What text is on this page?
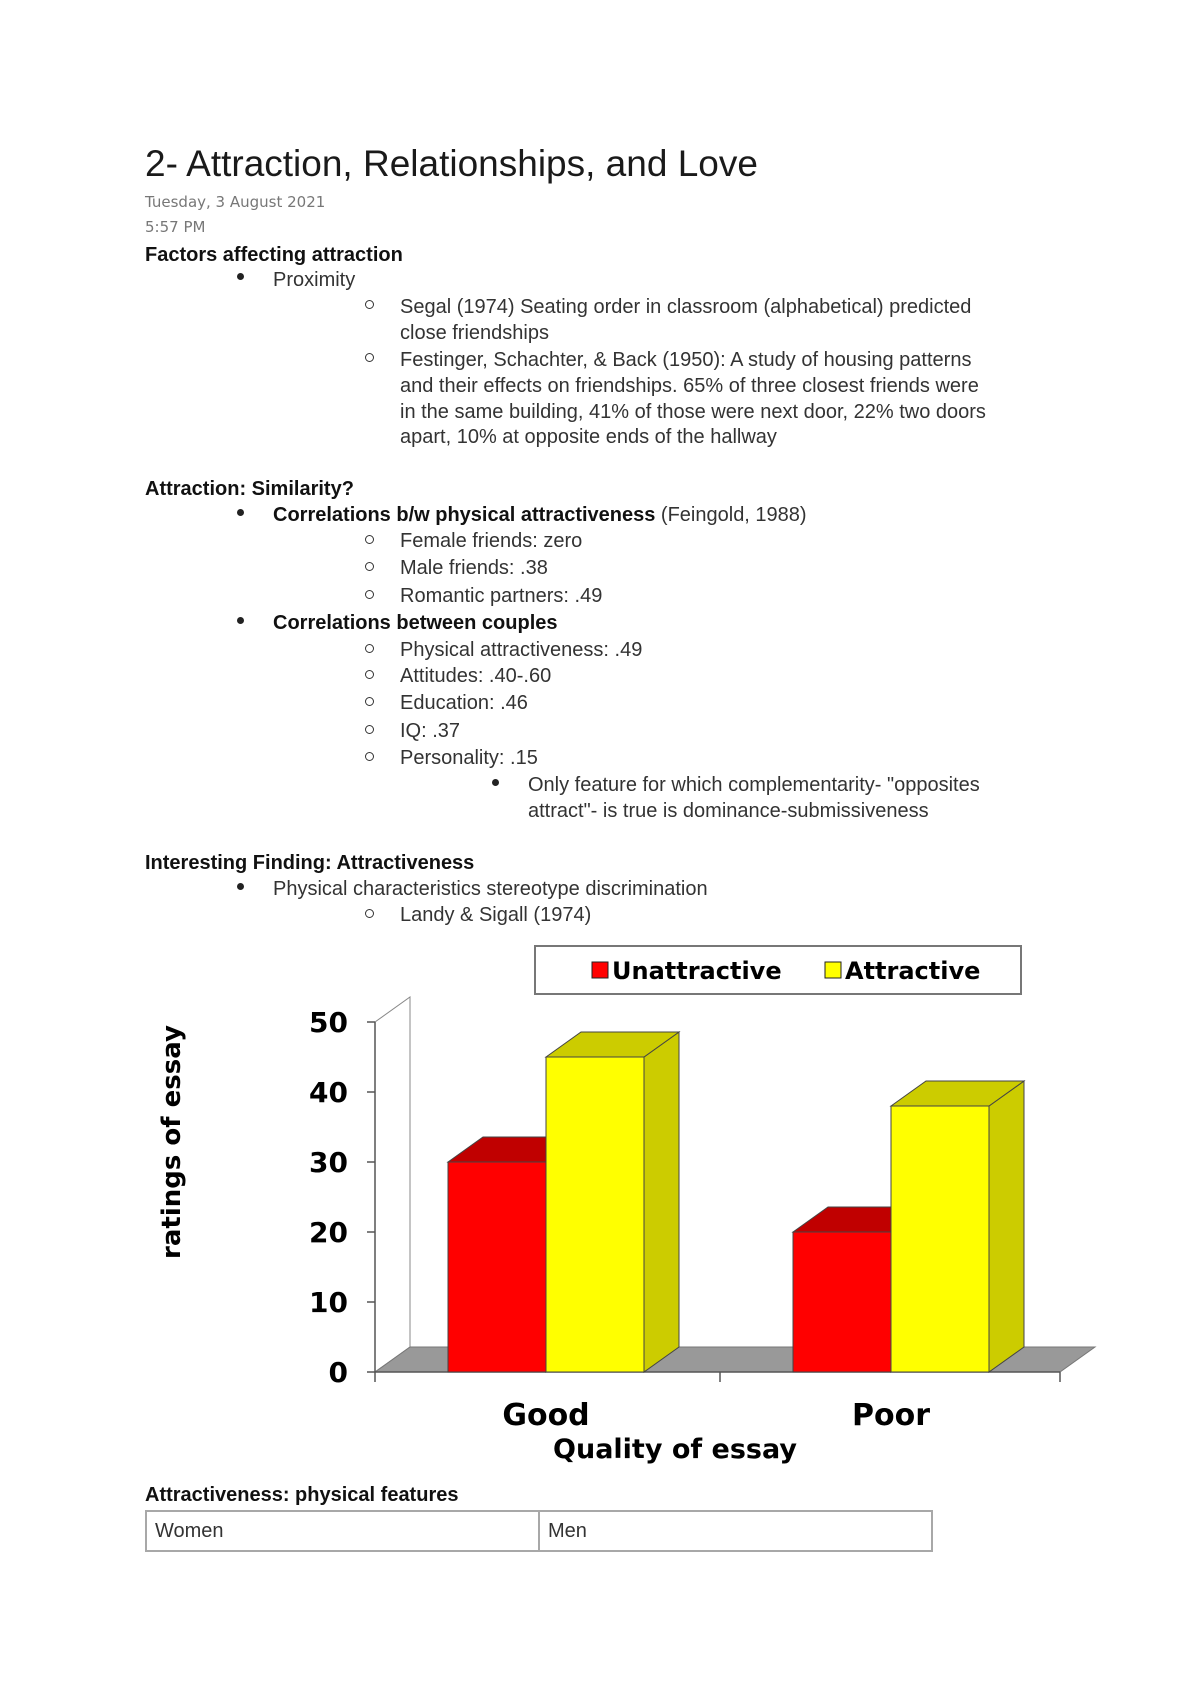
2- Attraction, Relationships, and Love
Tuesday, 3 August 2021
5:57 PM
Factors affecting attraction
Proximity
Segal (1974) Seating order in classroom (alphabetical) predicted
close friendships
Festinger, Schachter, & Back (1950): A study of housing patterns
and their effects on friendships. 65% of three closest friends were
in the same building, 41% of those were next door, 22% two doors
apart, 10% at opposite ends of the hallway
Attraction: Similarity?
Correlations b/w physical attractiveness (Feingold, 1988)
Female friends: zero
Male friends: .38
Romantic partners: .49
Correlations between couples
Physical attractiveness: .49
Attitudes: .40-.60
Education: .46
IQ: .37
Personality: .15
Only feature for which complementarity- "opposites
attract"- is true is dominance-submissiveness
Interesting Finding: Attractiveness
Physical characteristics stereotype discrimination
Landy & Sigall (1974)
0
10
20
30
40
50
Good	Poor
Quality of essay
ratings of essay
Unattractive	Attractive
Attractiveness: physical features
Women	Men
